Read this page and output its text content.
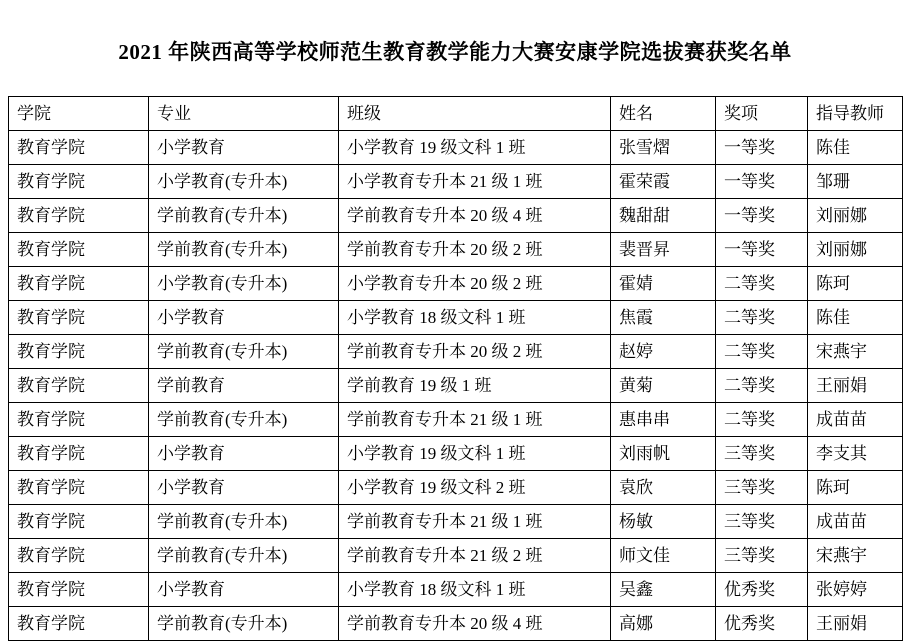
2021 年陕西高等学校师范生教育教学能力大赛安康学院选拔赛获奖名单
学院	专业	班级	姓名	奖项	指导教师
教育学院	小学教育	小学教育 19 级文科 1 班	张雪熠	一等奖	陈佳
教育学院	小学教育(专升本)	小学教育专升本 21 级 1 班	霍荣霞	一等奖	邹珊
教育学院	学前教育(专升本)	学前教育专升本 20 级 4 班	魏甜甜	一等奖	刘丽娜
教育学院	学前教育(专升本)	学前教育专升本 20 级 2 班	裴晋昇	一等奖	刘丽娜
教育学院	小学教育(专升本)	小学教育专升本 20 级 2 班	霍婧	二等奖	陈珂
教育学院	小学教育	小学教育 18 级文科 1 班	焦霞	二等奖	陈佳
教育学院	学前教育(专升本)	学前教育专升本 20 级 2 班	赵婷	二等奖	宋燕宇
教育学院	学前教育	学前教育 19 级 1 班	黄菊	二等奖	王丽娟
教育学院	学前教育(专升本)	学前教育专升本 21 级 1 班	惠串串	二等奖	成苗苗
教育学院	小学教育	小学教育 19 级文科 1 班	刘雨帆	三等奖	李支其
教育学院	小学教育	小学教育 19 级文科 2 班	袁欣	三等奖	陈珂
教育学院	学前教育(专升本)	学前教育专升本 21 级 1 班	杨敏	三等奖	成苗苗
教育学院	学前教育(专升本)	学前教育专升本 21 级 2 班	师文佳	三等奖	宋燕宇
教育学院	小学教育	小学教育 18 级文科 1 班	吴鑫	优秀奖	张婷婷
教育学院	学前教育(专升本)	学前教育专升本 20 级 4 班	高娜	优秀奖	王丽娟
